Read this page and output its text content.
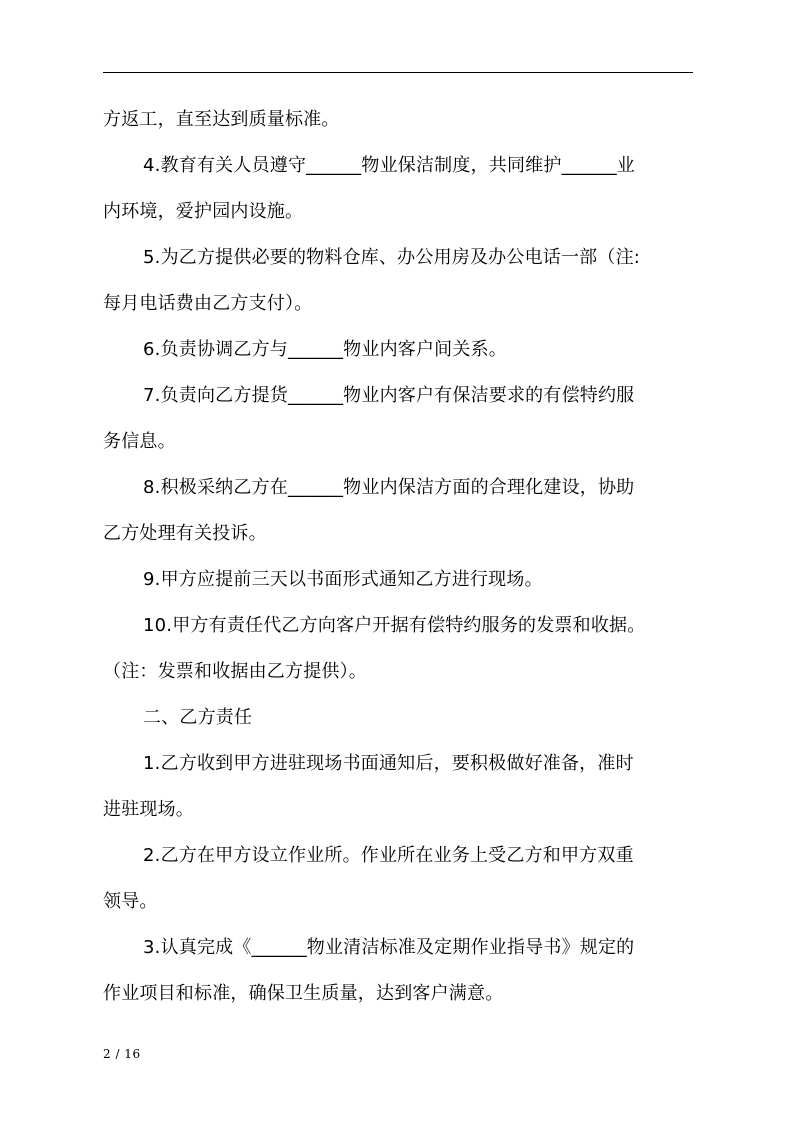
方返工，直至达到质量标准。
4.教育有关人员遵守______物业保洁制度，共同维护______业
内环境，爱护园内设施。
5.为乙方提供必要的物料仓库、办公用房及办公电话一部（注:
每月电话费由乙方支付）。
6.负责协调乙方与______物业内客户间关系。
7.负责向乙方提货______物业内客户有保洁要求的有偿特约服
务信息。
8.积极采纳乙方在______物业内保洁方面的合理化建设，协助
乙方处理有关投诉。
9.甲方应提前三天以书面形式通知乙方进行现场。
10.甲方有责任代乙方向客户开据有偿特约服务的发票和收据。
（注：发票和收据由乙方提供）。
二、乙方责任
1.乙方收到甲方进驻现场书面通知后，要积极做好准备，准时
进驻现场。
2.乙方在甲方设立作业所。作业所在业务上受乙方和甲方双重
领导。
3.认真完成《______物业清洁标准及定期作业指导书》规定的
作业项目和标准，确保卫生质量，达到客户满意。
2 / 16
